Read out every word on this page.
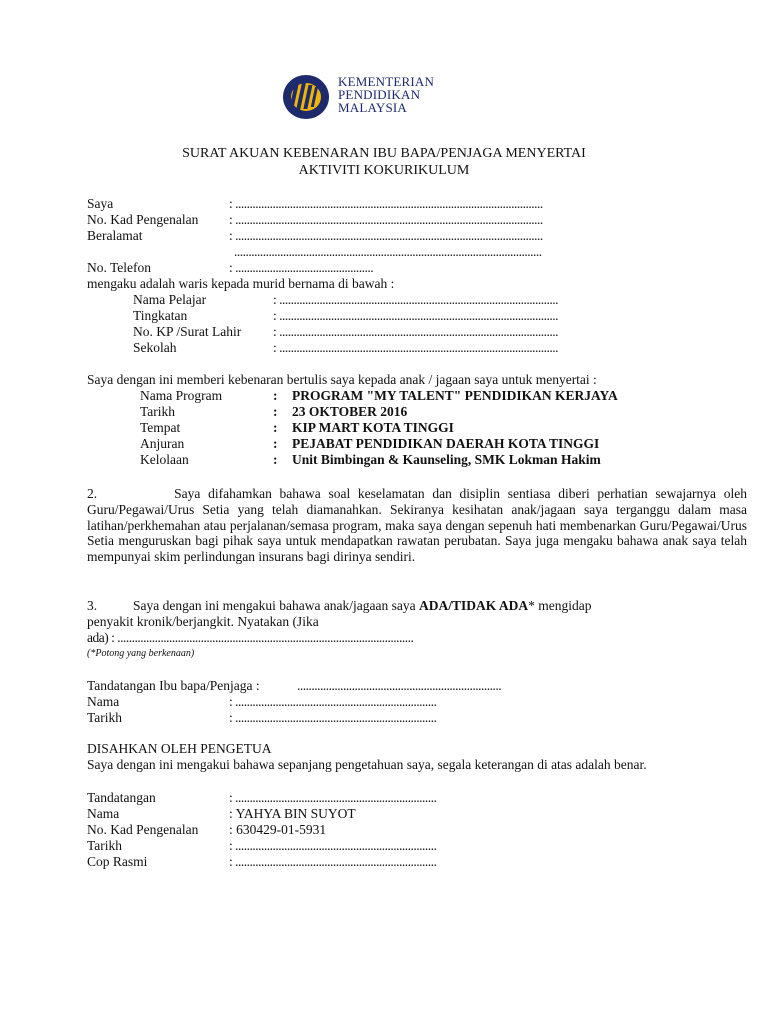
KEMENTERIAN
PENDIDIKAN
MALAYSIA
SURAT AKUAN KEBENARAN IBU BAPA/PENJAGA MENYERTAI
AKTIVITI KOKURIKULUM
Saya	: ...........................................................................................................
No. Kad Pengenalan : ...........................................................................................................
Beralamat	: ...........................................................................................................
...........................................................................................................
No. Telefon	: ................................................
mengaku adalah waris kepada murid bernama di bawah :
Nama Pelajar	: .................................................................................................
Tingkatan	: .................................................................................................
No. KP /Surat Lahir : .................................................................................................
Sekolah	: .................................................................................................
Saya dengan ini memberi kebenaran bertulis saya kepada anak / jagaan saya untuk menyertai :
Nama Program	: PROGRAM "MY TALENT" PENDIDIKAN KERJAYA
Tarikh	: 23 OKTOBER 2016
Tempat	: KIP MART KOTA TINGGI
Anjuran	: PEJABAT PENDIDIKAN DAERAH KOTA TINGGI
Kelolaan	: Unit Bimbingan & Kaunseling, SMK Lokman Hakim
2.          Saya difahamkan bahawa soal keselamatan dan disiplin sentiasa diberi perhatian sewajarnya oleh Guru/Pegawai/Urus Setia yang telah diamanahkan. Sekiranya kesihatan anak/jagaan saya terganggu dalam masa latihan/perkhemahan atau perjalanan/semasa program, maka saya dengan sepenuh hati membenarkan Guru/Pegawai/Urus Setia menguruskan bagi pihak saya untuk mendapatkan rawatan perubatan. Saya juga mengaku bahawa anak saya telah mempunyai skim perlindungan insurans bagi dirinya sendiri.
3.	Saya dengan ini mengakui bahawa anak/jagaan saya ADA/TIDAK ADA* mengidap
penyakit kronik/berjangkit. Nyatakan (Jika
ada) : .......................................................................................................
(*Potong yang berkenaan)
Tandatangan Ibu bapa/Penjaga :	.......................................................................
Nama	: ......................................................................
Tarikh	: ......................................................................
DISAHKAN OLEH PENGETUA
Saya dengan ini mengakui bahawa sepanjang pengetahuan saya, segala keterangan di atas adalah benar.
Tandatangan	: ......................................................................
Nama	: YAHYA BIN SUYOT
No. Kad Pengenalan : 630429-01-5931
Tarikh	: ......................................................................
Cop Rasmi	: ......................................................................
